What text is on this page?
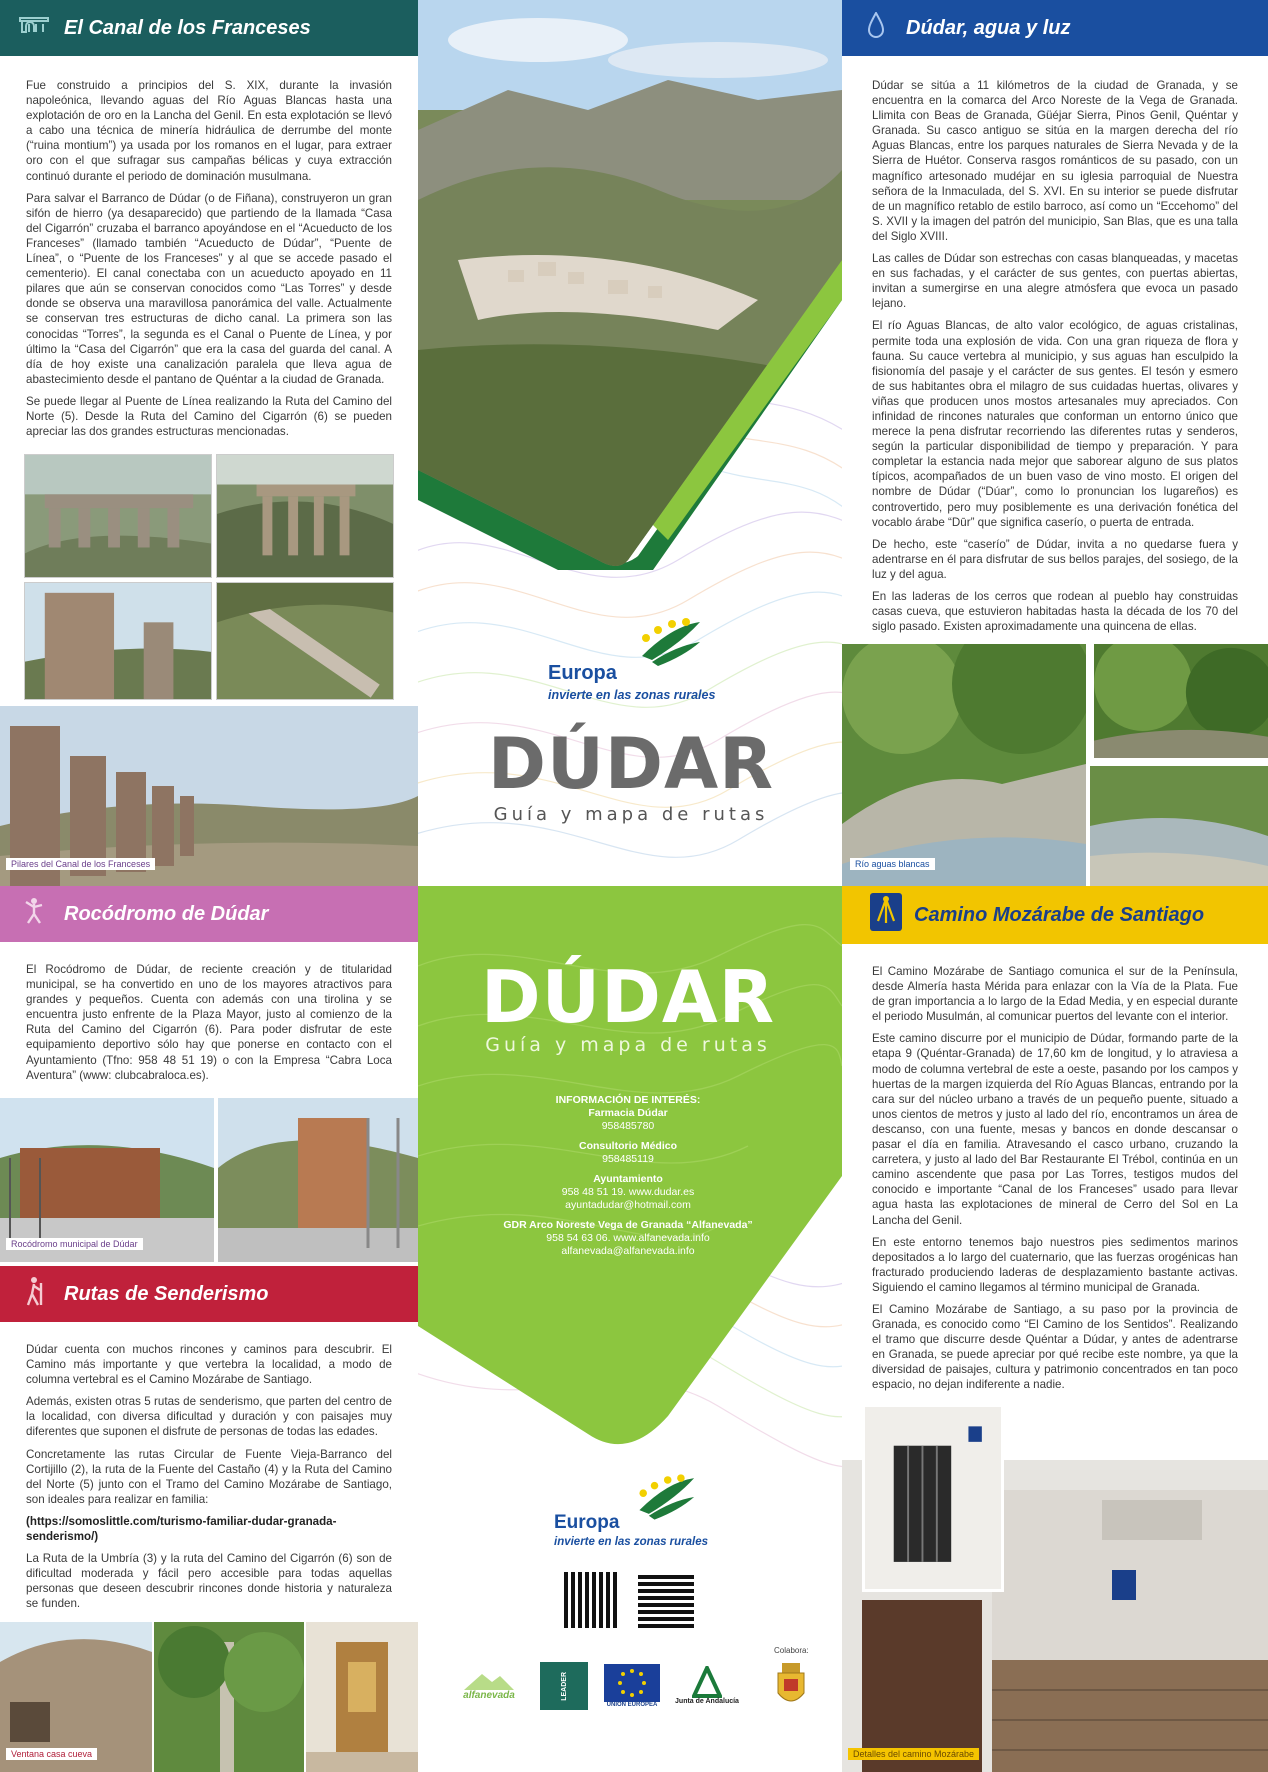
El Canal de los Franceses

Fue construido a principios del S. XIX, durante la invasión napoleónica, llevando aguas del Río Aguas Blancas hasta una explotación de oro en la Lancha del Genil. En esta explotación se llevó a cabo una técnica de minería hidráulica de derrumbe del monte (“ruina montium”) ya usada por los romanos en el lugar, para extraer oro con el que sufragar sus campañas bélicas y cuya extracción continuó durante el periodo de dominación musulmana.

Para salvar el Barranco de Dúdar (o de Fiñana), construyeron un gran sifón de hierro (ya desaparecido) que partiendo de la llamada “Casa del Cigarrón” cruzaba el barranco apoyándose en el “Acueducto de los Franceses” (llamado también “Acueducto de Dúdar”, “Puente de Línea”, o “Puente de los Franceses” y al que se accede pasado el cementerio). El canal conectaba con un acueducto apoyado en 11 pilares que aún se conservan conocidos como “Las Torres” y desde donde se observa una maravillosa panorámica del valle. Actualmente se conservan tres estructuras de dicho canal. La primera son las conocidas “Torres”, la segunda es el Canal o Puente de Línea, y por último la “Casa del Cigarrón” que era la casa del guarda del canal. A día de hoy existe una canalización paralela que lleva agua de abastecimiento desde el pantano de Quéntar a la ciudad de Granada.

Se puede llegar al Puente de Línea realizando la Ruta del Camino del Norte (5). Desde la Ruta del Camino del Cigarrón (6) se pueden apreciar las dos grandes estructuras mencionadas.

Pilares del Canal de los Franceses
Rocódromo de Dúdar

El Rocódromo de Dúdar, de reciente creación y de titularidad municipal, se ha convertido en uno de los mayores atractivos para grandes y pequeños. Cuenta con además con una tirolina y se encuentra justo enfrente de la Plaza Mayor, justo al comienzo de la Ruta del Camino del Cigarrón (6). Para poder disfrutar de este equipamiento deportivo sólo hay que ponerse en contacto con el Ayuntamiento (Tfno: 958 48 51 19) o con la Empresa “Cabra Loca Aventura” (www: clubcabraloca.es).

Rocódromo municipal de Dúdar
Rutas de Senderismo

Dúdar cuenta con muchos rincones y caminos para descubrir. El Camino más importante y que vertebra la localidad, a modo de columna vertebral es el Camino Mozárabe de Santiago.

Además, existen otras 5 rutas de senderismo, que parten del centro de la localidad, con diversa dificultad y duración y con paisajes muy diferentes que suponen el disfrute de personas de todas las edades.

Concretamente las rutas Circular de Fuente Vieja-Barranco del Cortijillo (2), la ruta de la Fuente del Castaño (4) y la Ruta del Camino del Norte (5) junto con el Tramo del Camino Mozárabe de Santiago, son ideales para realizar en familia:

(https://somoslittle.com/turismo-familiar-dudar-granada-senderismo/)

La Ruta de la Umbría (3) y la ruta del Camino del Cigarrón (6) son de dificultad moderada y fácil pero accesible para todas aquellas personas que deseen descubrir rincones donde historia y naturaleza se funden.

Ventana casa cueva
Europa
invierte en las zonas rurales
DÚDAR
Guía y mapa de rutas
DÚDAR
Guía y mapa de rutas
INFORMACIÓN DE INTERÉS:
Farmacia Dúdar
958485780
Consultorio Médico
958485119
Ayuntamiento
958 48 51 19. www.dudar.es
ayuntadudar@hotmail.com
GDR Arco Noreste Vega de Granada “Alfanevada”
958 54 63 06. www.alfanevada.info
alfanevada@alfanevada.info
Europa
invierte en las zonas rurales
Colabora:
alfanevada	LEADER
UNIÓN EUROPEA
Junta de Andalucía
Dúdar, agua y luz

Dúdar se sitúa a 11 kilómetros de la ciudad de Granada, y se encuentra en la comarca del Arco Noreste de la Vega de Granada. Llimita con Beas de Granada, Güéjar Sierra, Pinos Genil, Quéntar y Granada. Su casco antiguo se sitúa en la margen derecha del río Aguas Blancas, entre los parques naturales de Sierra Nevada y de la Sierra de Huétor. Conserva rasgos románticos de su pasado, con un magnífico artesonado mudéjar en su iglesia parroquial de Nuestra señora de la Inmaculada, del S. XVI. En su interior se puede disfrutar de un magnífico retablo de estilo barroco, así como un “Eccehomo” del S. XVII y la imagen del patrón del municipio, San Blas, que es una talla del Siglo XVIII.

Las calles de Dúdar son estrechas con casas blanqueadas, y macetas en sus fachadas, y el carácter de sus gentes, con puertas abiertas, invitan a sumergirse en una alegre atmósfera que evoca un pasado lejano.

El río Aguas Blancas, de alto valor ecológico, de aguas cristalinas, permite toda una explosión de vida. Con una gran riqueza de flora y fauna. Su cauce vertebra al municipio, y sus aguas han esculpido la fisionomía del pasaje y el carácter de sus gentes. El tesón y esmero de sus habitantes obra el milagro de sus cuidadas huertas, olivares y viñas que producen unos mostos artesanales muy apreciados. Con infinidad de rincones naturales que conforman un entorno único que merece la pena disfrutar recorriendo las diferentes rutas y senderos, según la particular disponibilidad de tiempo y preparación. Y para completar la estancia nada mejor que saborear alguno de sus platos típicos, acompañados de un buen vaso de vino mosto. El origen del nombre de Dúdar (“Dúar”, como lo pronuncian los lugareños) es controvertido, pero muy posiblemente es una derivación fonética del vocablo árabe “Dūr” que significa caserío, o puerta de entrada.

De hecho, este “caserío” de Dúdar, invita a no quedarse fuera y adentrarse en él para disfrutar de sus bellos parajes, del sosiego, de la luz y del agua.

En las laderas de los cerros que rodean al pueblo hay construidas casas cueva, que estuvieron habitadas hasta la década de los 70 del siglo pasado. Existen aproximadamente una quincena de ellas.

Río aguas blancas
Camino Mozárabe de Santiago

El Camino Mozárabe de Santiago comunica el sur de la Península, desde Almería hasta Mérida para enlazar con la Vía de la Plata. Fue de gran importancia a lo largo de la Edad Media, y en especial durante el periodo Musulmán, al comunicar puertos del levante con el interior.

Este camino discurre por el municipio de Dúdar, formando parte de la etapa 9 (Quéntar-Granada) de 17,60 km de longitud, y lo atraviesa a modo de columna vertebral de este a oeste, pasando por los campos y huertas de la margen izquierda del Río Aguas Blancas, entrando por la cara sur del núcleo urbano a través de un pequeño puente, situado a unos cientos de metros y justo al lado del río, encontramos un área de descanso, con una fuente, mesas y bancos en donde descansar o pasar el día en familia. Atravesando el casco urbano, cruzando la carretera, y justo al lado del Bar Restaurante El Trébol, continúa en un camino ascendente que pasa por Las Torres, testigos mudos del conocido e importante “Canal de los Franceses” usado para llevar agua hasta las explotaciones de mineral de Cerro del Sol en La Lancha del Genil.

En este entorno tenemos bajo nuestros pies sedimentos marinos depositados a lo largo del cuaternario, que las fuerzas orogénicas han fracturado produciendo laderas de desplazamiento bastante activas. Siguiendo el camino llegamos al término municipal de Granada.

El Camino Mozárabe de Santiago, a su paso por la provincia de Granada, es conocido como “El Camino de los Sentidos”. Realizando el tramo que discurre desde Quéntar a Dúdar, y antes de adentrarse en Granada, se puede apreciar por qué recibe este nombre, ya que la diversidad de paisajes, cultura y patrimonio concentrados en tan poco espacio, no dejan indiferente a nadie.

Detalles del camino Mozárabe
